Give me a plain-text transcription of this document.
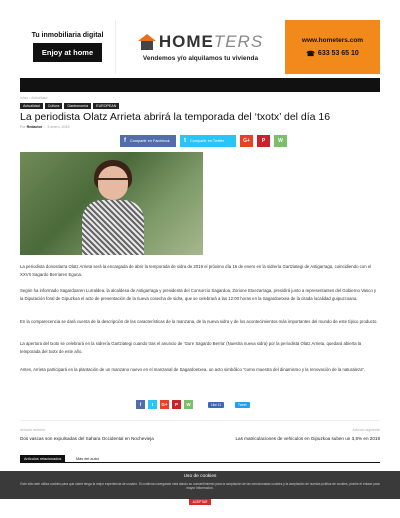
Tu inmobiliaria digital
Enjoy at home
HOMETERS
Vendemos y/o alquilamos tu vivienda
www.hometers.com
☎ 633 53 65 10
Inicio › Actualidad
Actualidad	Cultura	Gastronomía	EUROPEAN
La periodista Olatz Arrieta abrirá la temporada del ‘txotx’ del día 16
Por Redactor  -  3 enero, 2019
f Compartir en Facebook t Compartir en Twitter	G+ P	W

La periodista donostiarra Olatz Arrieta será la encargada de abrir la temporada de sidra de 2019 el próximo día 16 de enero en la sidrería Gartziategi de Astigarraga, coincidiendo con el XXVII Sagardo Berriaren Eguna.

Según ha informado Sagardoaren Lurraldea, la alcaldesa de Astigarraga y presidenta del Consorcio Sagardoa, Zorione Etxezarraga, presidirá junto a representantes del Gobierno Vasco y la Diputación foral de Gipuzkoa el acto de presentación de la nueva cosecha de sidra, que se celebrará a las 12:00 horas en la Sagardoetxea de la citada localidad guipuzcoana.

En la comparecencia se dará cuenta de la descripción de las características de la manzana, de la nueva sidra y de los acontecimientos más importantes del mundo de este típico producto.

La apertura del txotx se celebrará en la sidrería Gartziategi cuando tras el anuncio de ‘Gure Sagardo Berria’ (Nuestra nueva sidra) por la periodista Olatz Arrieta, quedará abierta la temporada del txotx de este año.

Antes, Arrieta participará en la plantación de un manzano nuevo en el manzanal de Sagardoetxea, un acto simbólico “como muestra del dinamismo y la renovación de la naturaleza”.

f t G+ P W	Like 11	Tweet
Artículo anterior	Artículo siguiente
Dos vascas son expulsadas del Sahara Occidental en Nochevieja	Las matriculaciones de vehículos en Gipuzkoa suben un 3,5% en 2018
Artículos relacionados	Más del autor
Uso de cookies
Este sitio web utiliza cookies para que usted tenga la mejor experiencia de usuario. Si continúa navegando está dando su consentimiento para la aceptación de las mencionadas cookies y la aceptación de nuestra política de cookies, pinche el enlace para mayor información.
ACEPTAR
